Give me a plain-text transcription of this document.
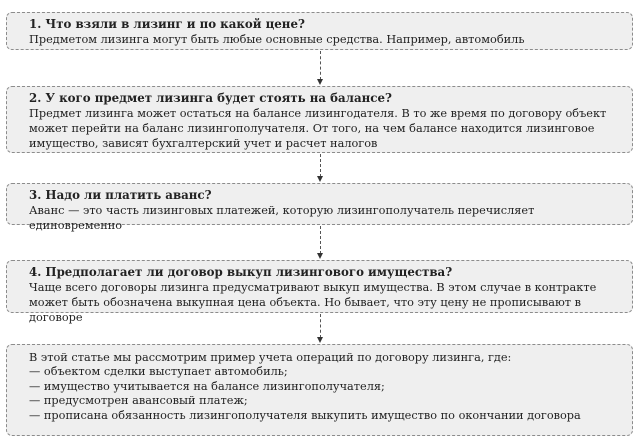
1. Что взяли в лизинг и по какой цене?

Предметом лизинга могут быть любые основные средства. Например, автомобиль

2. У кого предмет лизинга будет стоять на балансе?

Предмет лизинга может остаться на балансе лизингодателя. В то же время по договору объект может перейти на баланс лизингополучателя. От того, на чем балансе находится лизинговое имущество, зависят бухгалтерский учет и расчет налогов

3. Надо ли платить аванс?

Аванс — это часть лизинговых платежей, которую лизингополучатель перечисляет единовременно

4. Предполагает ли договор выкуп лизингового имущества?

Чаще всего договоры лизинга предусматривают выкуп имущества. В этом случае в контракте может быть обозначена выкупная цена объекта. Но бывает, что эту цену не прописывают в договоре

В этой статье мы рассмотрим пример учета операций по договору лизинга, где:
— объектом сделки выступает автомобиль;
— имущество учитывается на балансе лизингополучателя;
— предусмотрен авансовый платеж;
— прописана обязанность лизингополучателя выкупить имущество по окончании договора
